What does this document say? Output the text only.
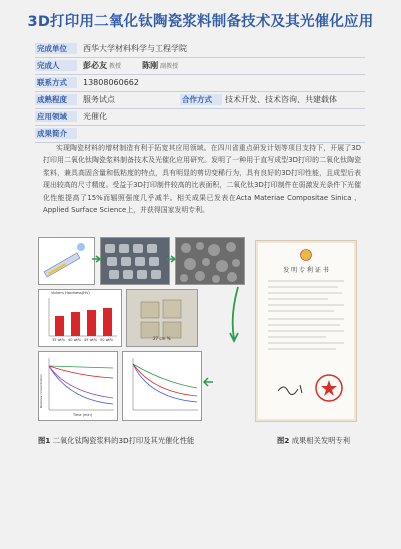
3D打印用二氧化钛陶瓷浆料制备技术及其光催化应用
完成单位	西华大学材料科学与工程学院
完成人	彭必友 教授	陈刚 副教授
联系方式	13808060662
成熟程度	服务试点	合作方式	技术开发、技术咨询、共建载体
应用领域	光催化
成果简介
实现陶瓷材料的增材制造有利于拓宽其应用领域。在四川省重点研发计划等项目支持下，开展了3D打印用二氧化钛陶瓷浆料制备技术及光催化应用研究。发明了一种用于直写成型3D打印的二氧化钛陶瓷浆料，兼具高固含量和低粘度的特点，具有明显的剪切变稀行为，具有良好的3D打印性能，且成型后表现出较高的尺寸精度。受益于3D打印制件较高的比表面积，二氧化钛3D打印制件在弱激发光条件下光催化性能提高了15%而辐照强度几乎减半。相关成果已发表在Acta Materiae Compositae Sinica 、Applied Surface Science上，并获得国家发明专利。
Vickers Hardness(HV)
35 wt% 40 wt% 45 wt% 50 wt%	27 cm %
Relative concentration
Time (min)
发 明 专 利 证 书
图1 二氧化钛陶瓷浆料的3D打印及其光催化性能	图2 成果相关发明专利
